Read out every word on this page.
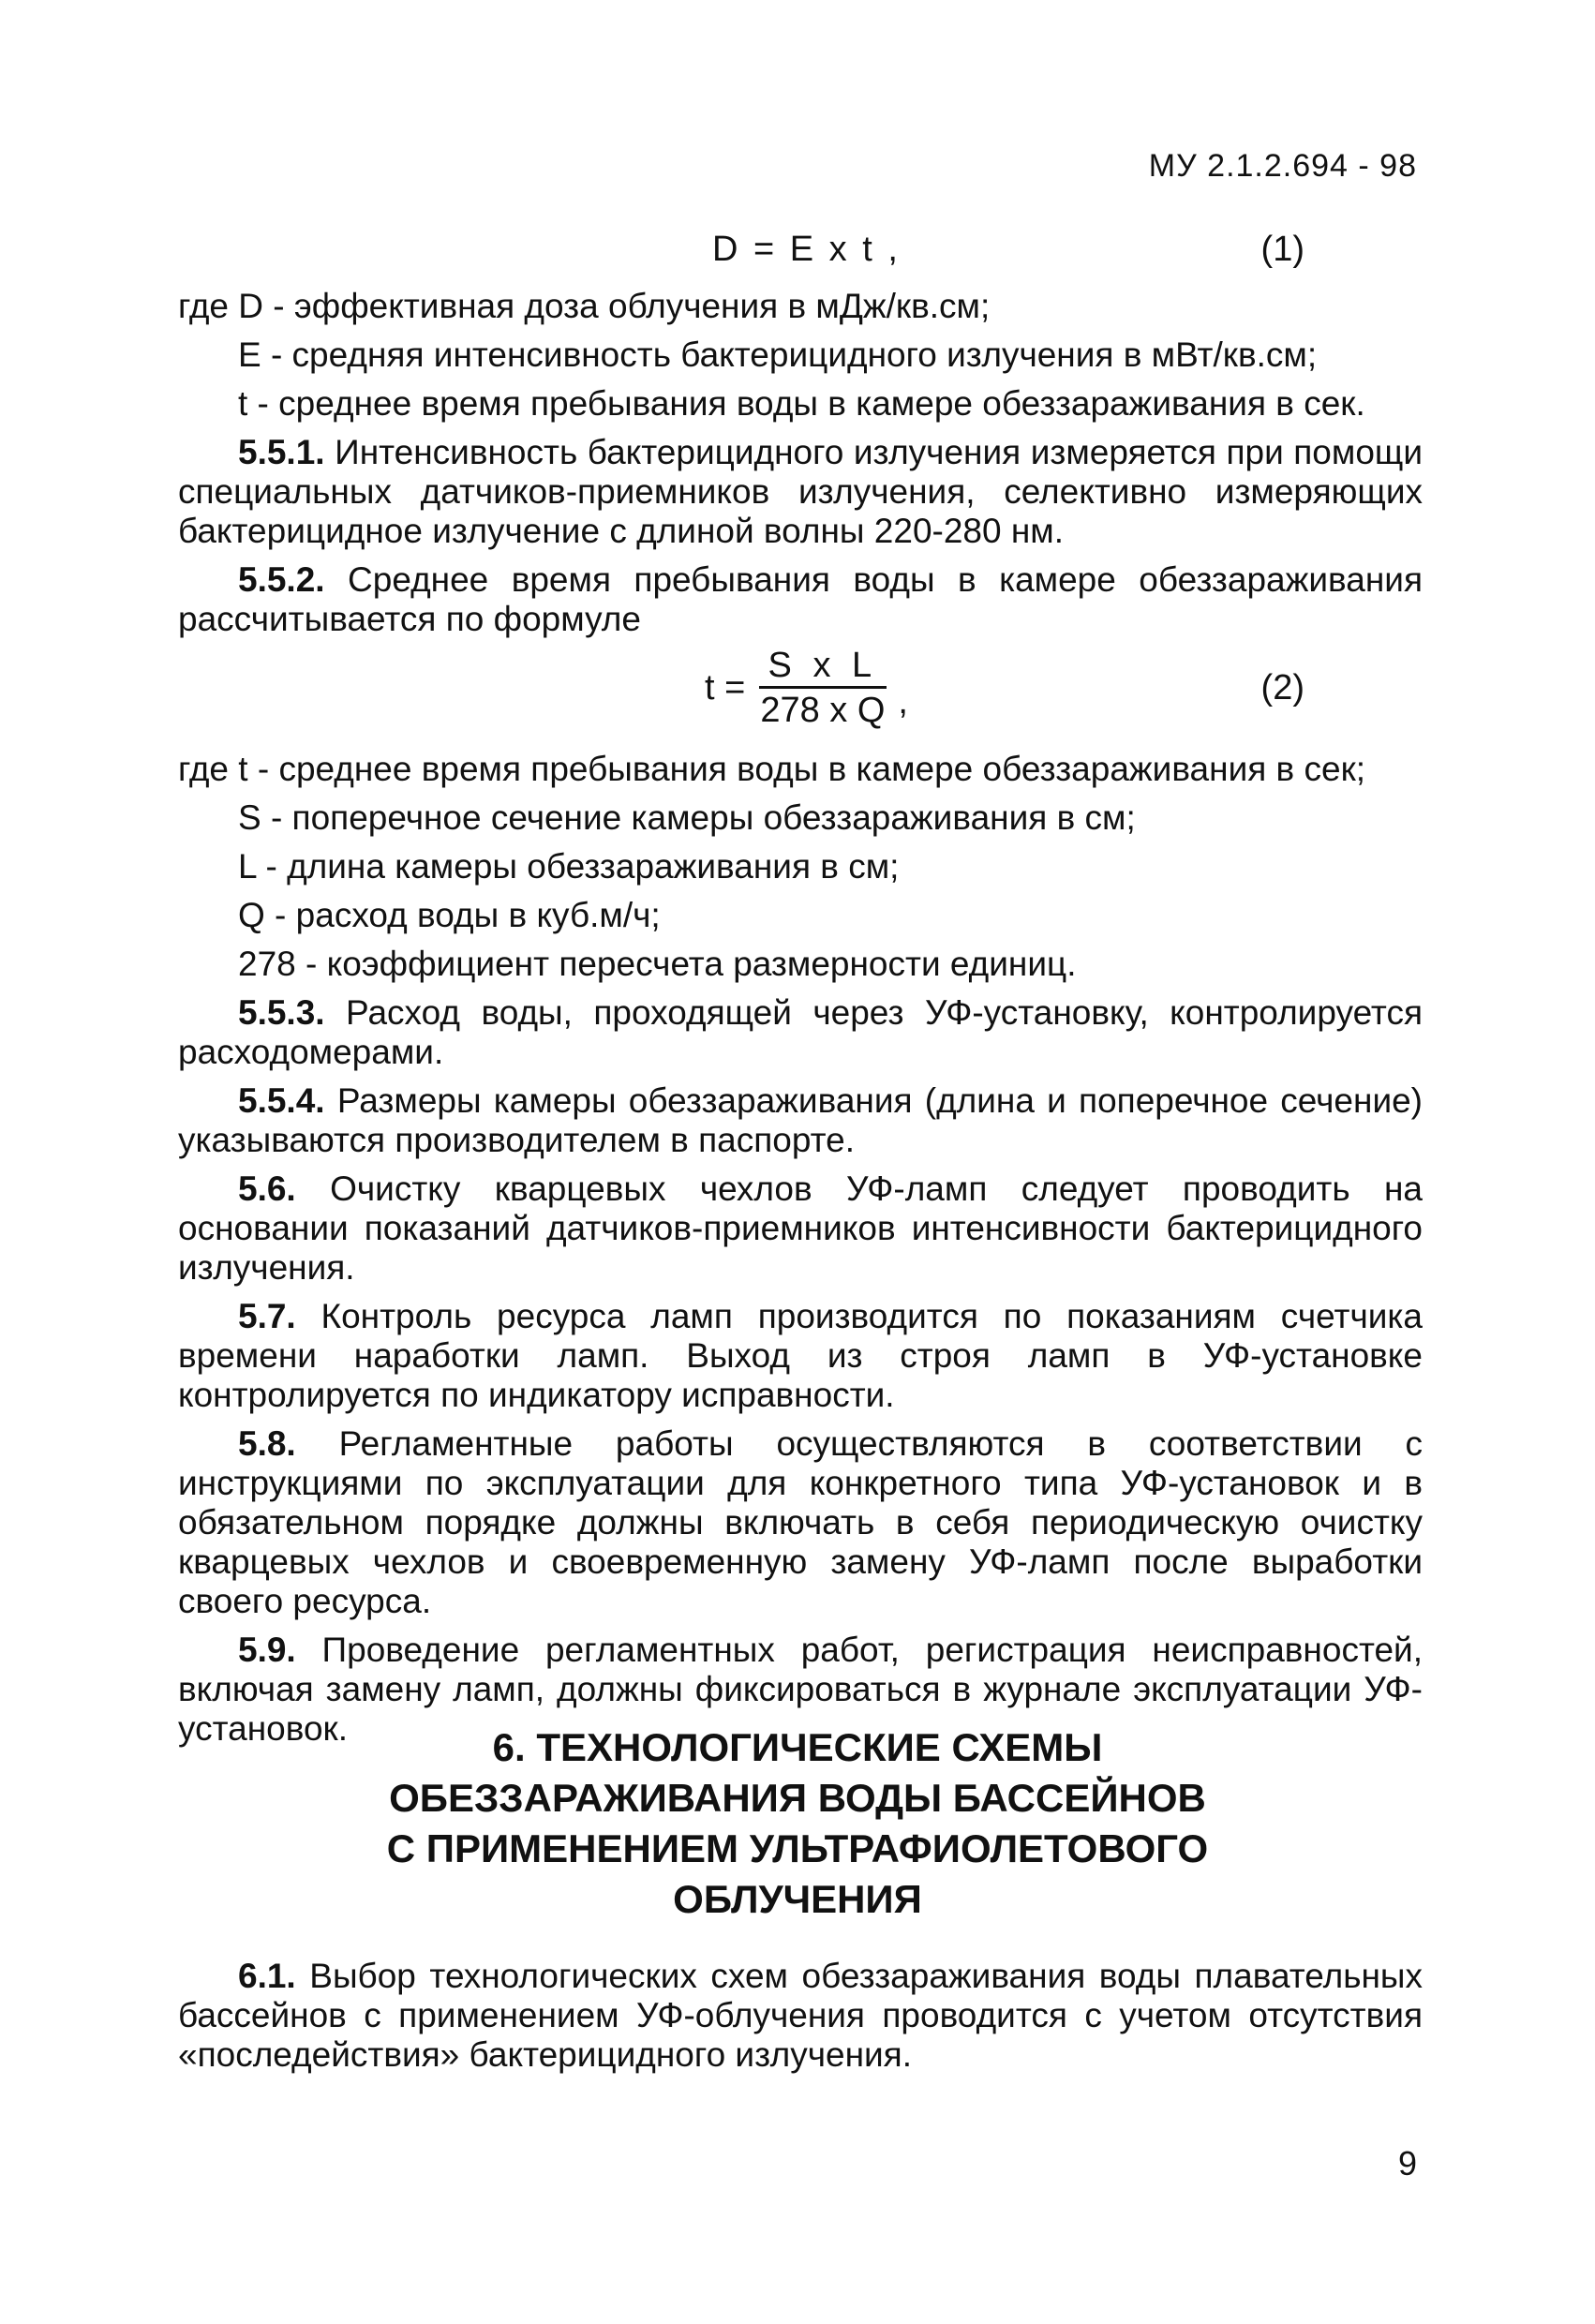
МУ 2.1.2.694 - 98
D = E x t ,	(1)

где D - эффективная доза облучения в мДж/кв.см;

Е - средняя интенсивность бактерицидного излучения в мВт/кв.см;

t - среднее время пребывания воды в камере обеззараживания в сек.

5.5.1. Интенсивность бактерицидного излучения измеряется при помощи специальных датчиков-приемников излучения, селективно измеряющих бактерицидное излучение с длиной волны 220-280 нм.

5.5.2. Среднее время пребывания воды в камере обеззараживания рассчитывается по формуле

$t = \frac{\text{S x L}}{\text{278 x Q}}$ ,	(2)

где t - среднее время пребывания воды в камере обеззараживания в сек;

S - поперечное сечение камеры обеззараживания в см;

L - длина камеры обеззараживания в см;

Q - расход воды в куб.м/ч;

278 - коэффициент пересчета размерности единиц.

5.5.3. Расход воды, проходящей через УФ-установку, контролируется расходомерами.

5.5.4. Размеры камеры обеззараживания (длина и поперечное сечение) указываются производителем в паспорте.

5.6. Очистку кварцевых чехлов УФ-ламп следует проводить на основании показаний датчиков-приемников интенсивности бактерицидного излучения.

5.7. Контроль ресурса ламп производится по показаниям счетчика времени наработки ламп. Выход из строя ламп в УФ-установке контролируется по индикатору исправности.

5.8. Регламентные работы осуществляются в соответствии с инструкциями по эксплуатации для конкретного типа УФ-установок и в обязательном порядке должны включать в себя периодическую очистку кварцевых чехлов и своевременную замену УФ-ламп после выработки своего ресурса.

5.9. Проведение регламентных работ, регистрация неисправностей, включая замену ламп, должны фиксироваться в журнале эксплуатации УФ-установок.	6. ТЕХНОЛОГИЧЕСКИЕ СХЕМЫ
ОБЕЗЗАРАЖИВАНИЯ ВОДЫ БАССЕЙНОВ
С ПРИМЕНЕНИЕМ УЛЬТРАФИОЛЕТОВОГО
ОБЛУЧЕНИЯ

6.1. Выбор технологических схем обеззараживания воды плавательных бассейнов с применением УФ-облучения проводится с учетом отсутствия «последействия» бактерицидного излучения.

9
